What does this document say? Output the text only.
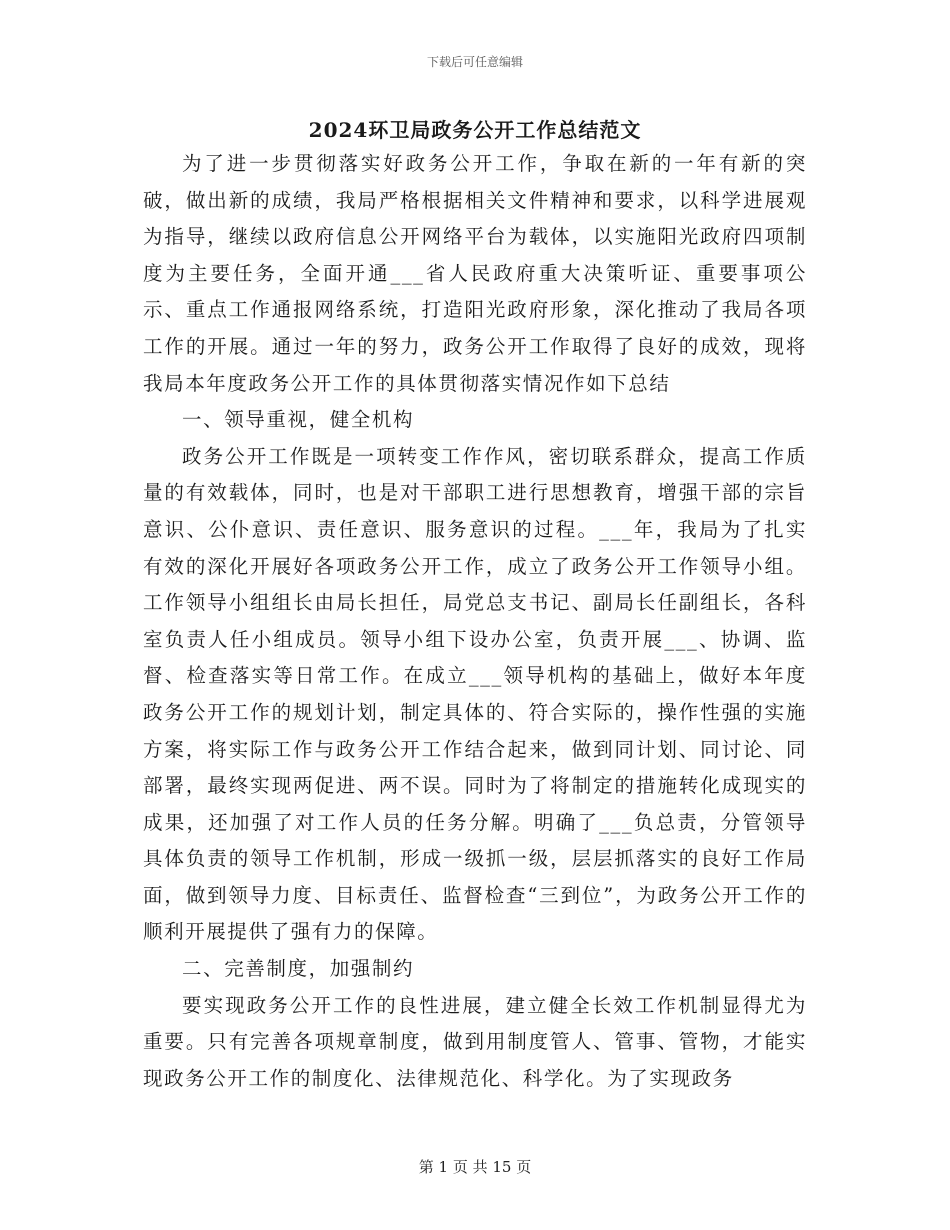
下载后可任意编辑
2024环卫局政务公开工作总结范文

为了进一步贯彻落实好政务公开工作，争取在新的一年有新的突破，做出新的成绩，我局严格根据相关文件精神和要求，以科学进展观为指导，继续以政府信息公开网络平台为载体，以实施阳光政府四项制度为主要任务，全面开通___省人民政府重大决策听证、重要事项公示、重点工作通报网络系统，打造阳光政府形象，深化推动了我局各项工作的开展。通过一年的努力，政务公开工作取得了良好的成效，现将我局本年度政务公开工作的具体贯彻落实情况作如下总结

一、领导重视，健全机构

政务公开工作既是一项转变工作作风，密切联系群众，提高工作质量的有效载体，同时，也是对干部职工进行思想教育，增强干部的宗旨意识、公仆意识、责任意识、服务意识的过程。___年，我局为了扎实有效的深化开展好各项政务公开工作，成立了政务公开工作领导小组。工作领导小组组长由局长担任，局党总支书记、副局长任副组长，各科室负责人任小组成员。领导小组下设办公室，负责开展___、协调、监督、检查落实等日常工作。在成立___领导机构的基础上，做好本年度政务公开工作的规划计划，制定具体的、符合实际的，操作性强的实施方案，将实际工作与政务公开工作结合起来，做到同计划、同讨论、同部署，最终实现两促进、两不误。同时为了将制定的措施转化成现实的成果，还加强了对工作人员的任务分解。明确了___负总责，分管领导具体负责的领导工作机制，形成一级抓一级，层层抓落实的良好工作局面，做到领导力度、目标责任、监督检查“三到位”，为政务公开工作的顺利开展提供了强有力的保障。

二、完善制度，加强制约

要实现政务公开工作的良性进展，建立健全长效工作机制显得尤为重要。只有完善各项规章制度，做到用制度管人、管事、管物，才能实现政务公开工作的制度化、法律规范化、科学化。为了实现政务

第 1 页 共 15 页
